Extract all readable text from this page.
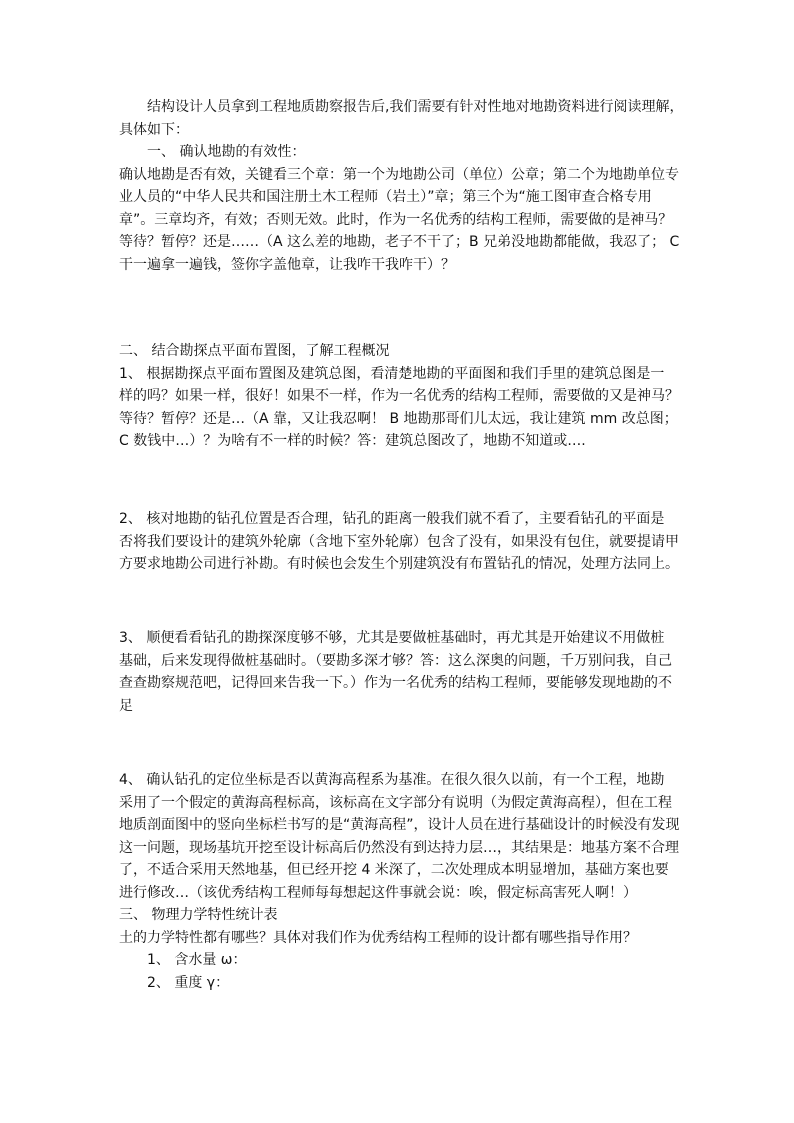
结构设计人员拿到工程地质勘察报告后,我们需要有针对性地对地勘资料进行阅读理解，
具体如下：
一、 确认地勘的有效性：
确认地勘是否有效，关键看三个章：第一个为地勘公司（单位）公章；第二个为地勘单位专
业人员的“中华人民共和国注册土木工程师（岩土）”章；第三个为“施工图审查合格专用
章”。三章均齐，有效；否则无效。此时，作为一名优秀的结构工程师，需要做的是神马？
等待？暂停？还是……（A 这么差的地勘，老子不干了；B 兄弟没地勘都能做，我忍了； C
干一遍拿一遍钱，签你字盖他章，让我咋干我咋干）？
二、 结合勘探点平面布置图，了解工程概况
1、 根据勘探点平面布置图及建筑总图，看清楚地勘的平面图和我们手里的建筑总图是一
样的吗？如果一样，很好！如果不一样，作为一名优秀的结构工程师，需要做的又是神马？
等待？暂停？还是…（A 靠，又让我忍啊！ B 地勘那哥们儿太远，我让建筑 mm 改总图；
C 数钱中…）？为啥有不一样的时候？答：建筑总图改了，地勘不知道或….
2、 核对地勘的钻孔位置是否合理，钻孔的距离一般我们就不看了，主要看钻孔的平面是
否将我们要设计的建筑外轮廓（含地下室外轮廓）包含了没有，如果没有包住，就要提请甲
方要求地勘公司进行补勘。有时候也会发生个别建筑没有布置钻孔的情况，处理方法同上。
3、 顺便看看钻孔的勘探深度够不够，尤其是要做桩基础时，再尤其是开始建议不用做桩
基础，后来发现得做桩基础时。（要勘多深才够？答：这么深奥的问题，千万别问我，自己
查查勘察规范吧，记得回来告我一下。）作为一名优秀的结构工程师，要能够发现地勘的不
足
4、 确认钻孔的定位坐标是否以黄海高程系为基准。在很久很久以前，有一个工程，地勘
采用了一个假定的黄海高程标高，该标高在文字部分有说明（为假定黄海高程），但在工程
地质剖面图中的竖向坐标栏书写的是“黄海高程”，设计人员在进行基础设计的时候没有发现
这一问题，现场基坑开挖至设计标高后仍然没有到达持力层…，其结果是：地基方案不合理
了，不适合采用天然地基，但已经开挖 4 米深了，二次处理成本明显增加，基础方案也要
进行修改…（该优秀结构工程师每每想起这件事就会说：唉，假定标高害死人啊！）
三、 物理力学特性统计表
土的力学特性都有哪些？具体对我们作为优秀结构工程师的设计都有哪些指导作用？
1、 含水量 ω：
2、 重度 γ：
